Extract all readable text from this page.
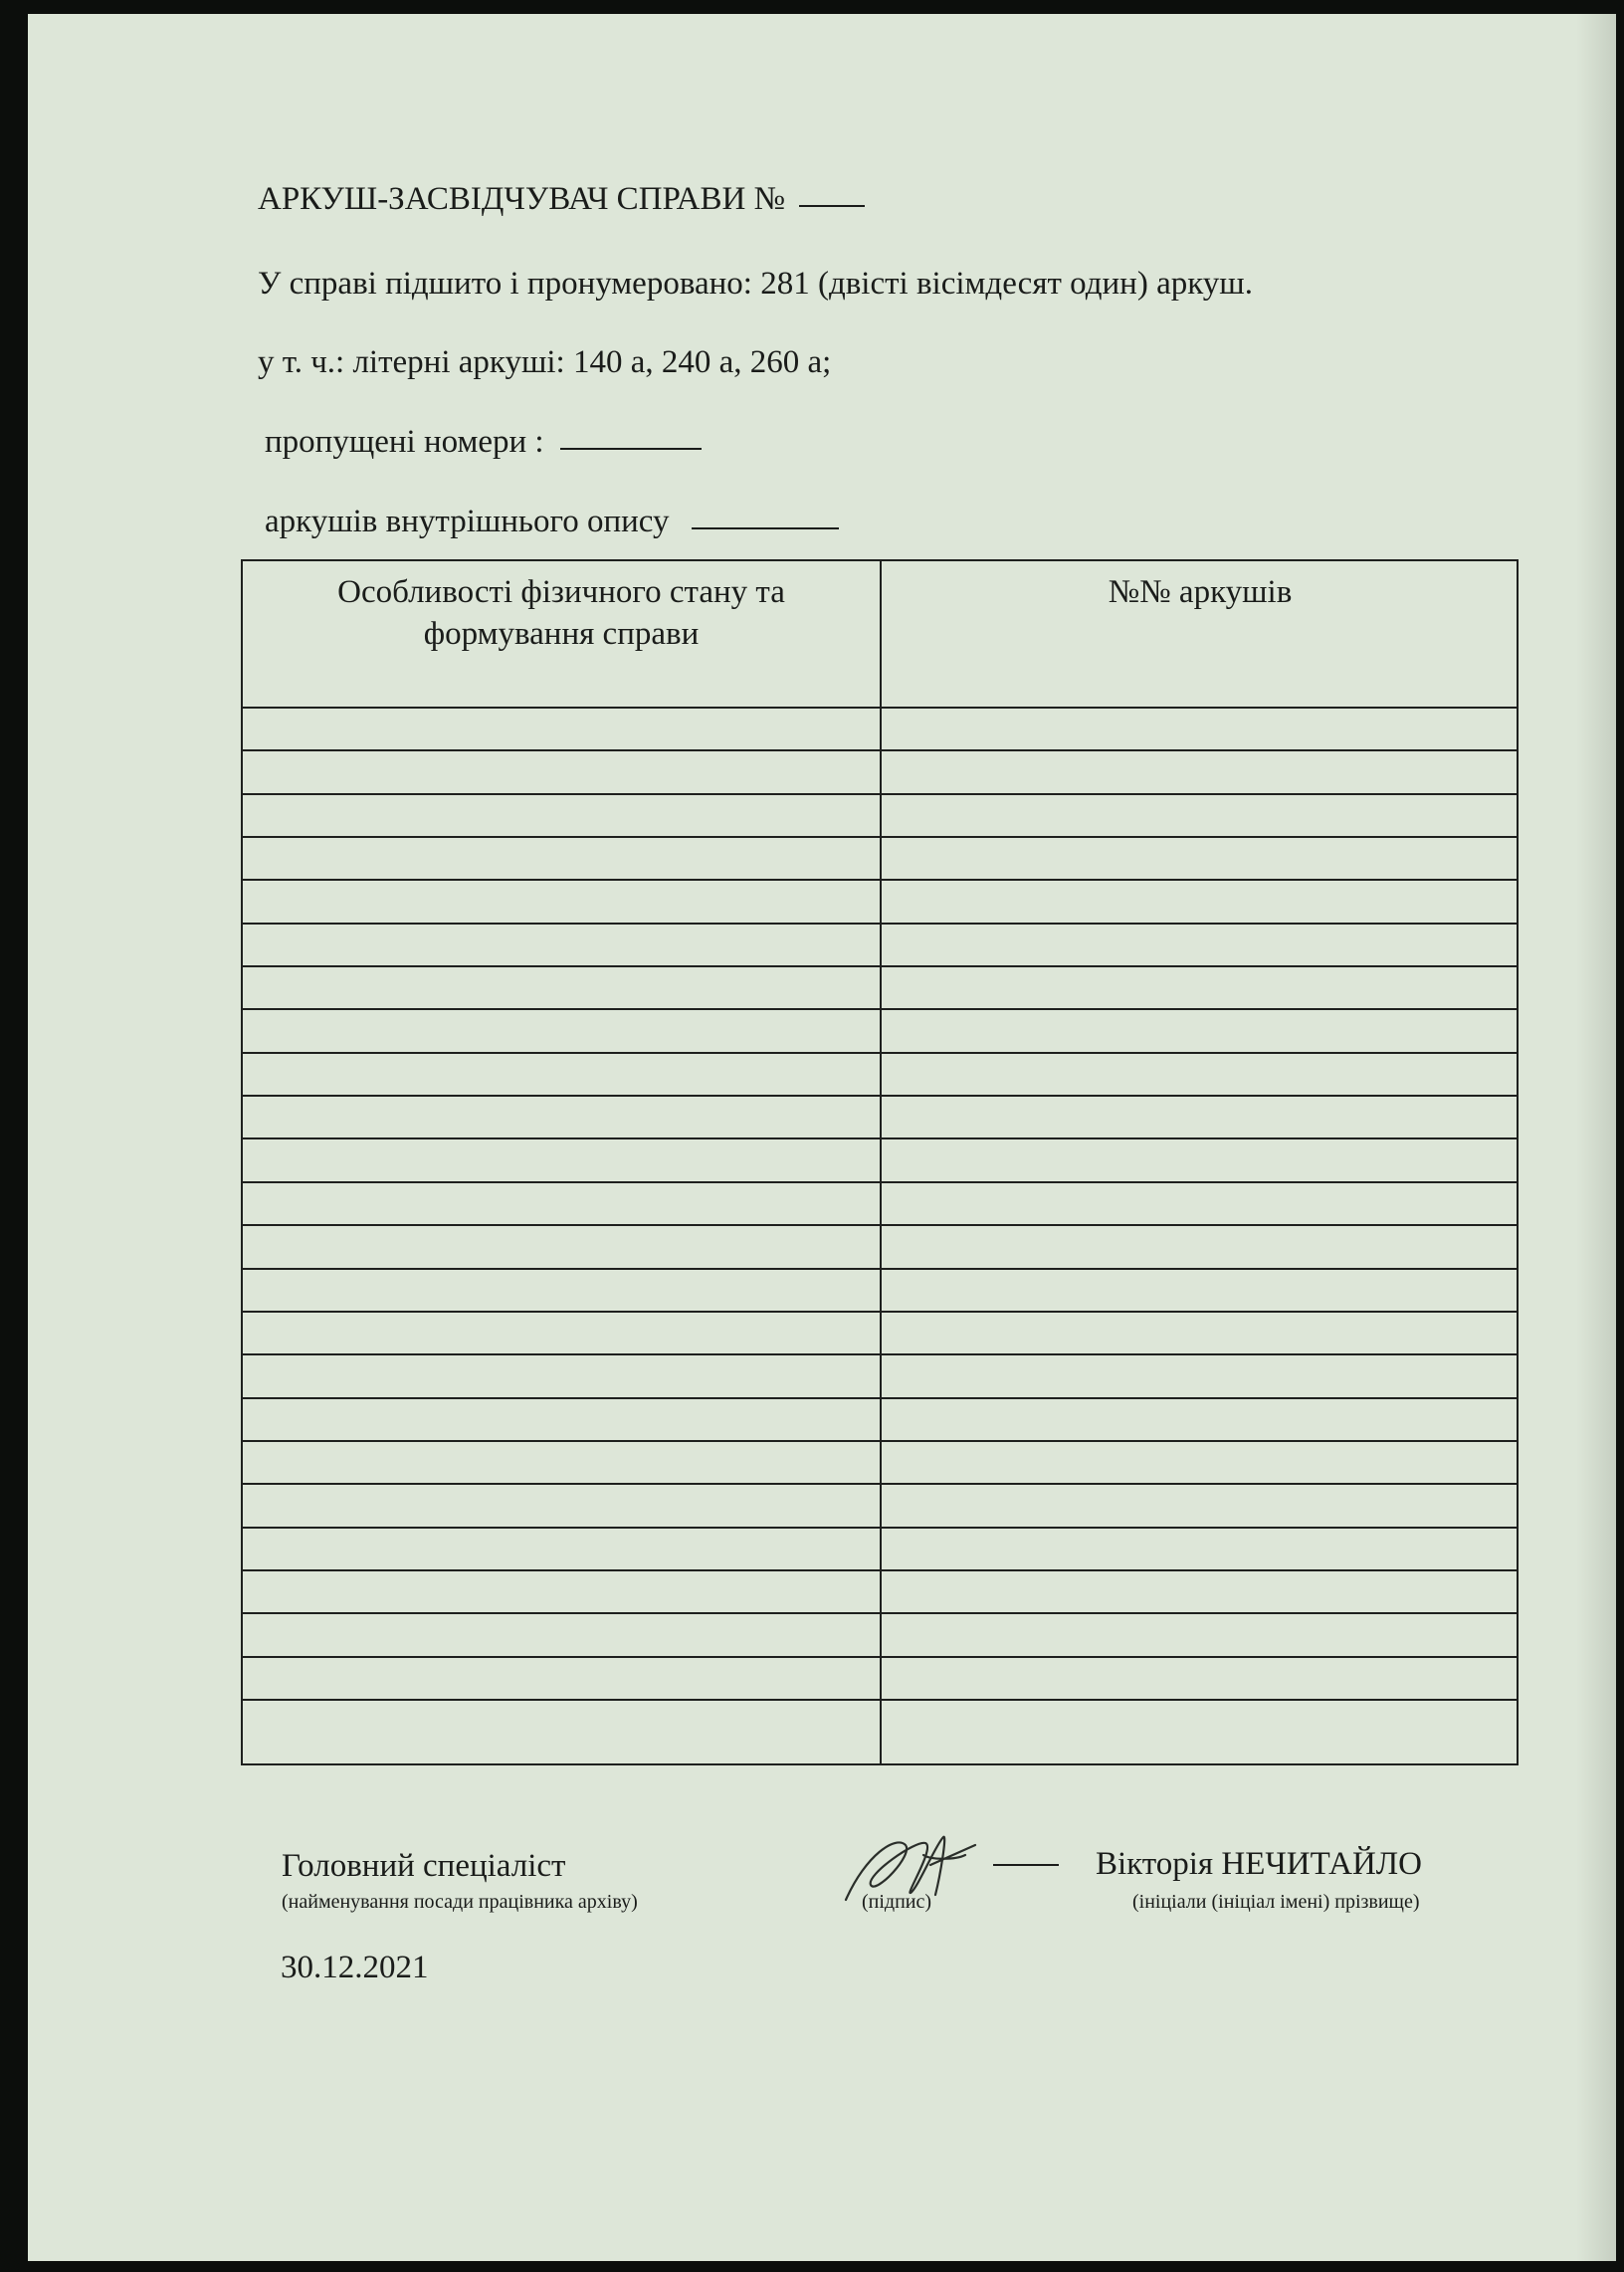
АРКУШ-ЗАСВІДЧУВАЧ СПРАВИ №
У справі підшито і пронумеровано: 281 (двісті вісімдесят один) аркуш.
у т. ч.: літерні аркуші: 140 а, 240 а, 260 а;
пропущені номери :
аркушів внутрішнього опису
Особливості фізичного стану та
формування справи
№№ аркушів
Головний спеціаліст
(найменування посади працівника архіву)	(підпис)
Вікторія НЕЧИТАЙЛО
(ініціали (ініціал імені) прізвище)
30.12.2021
